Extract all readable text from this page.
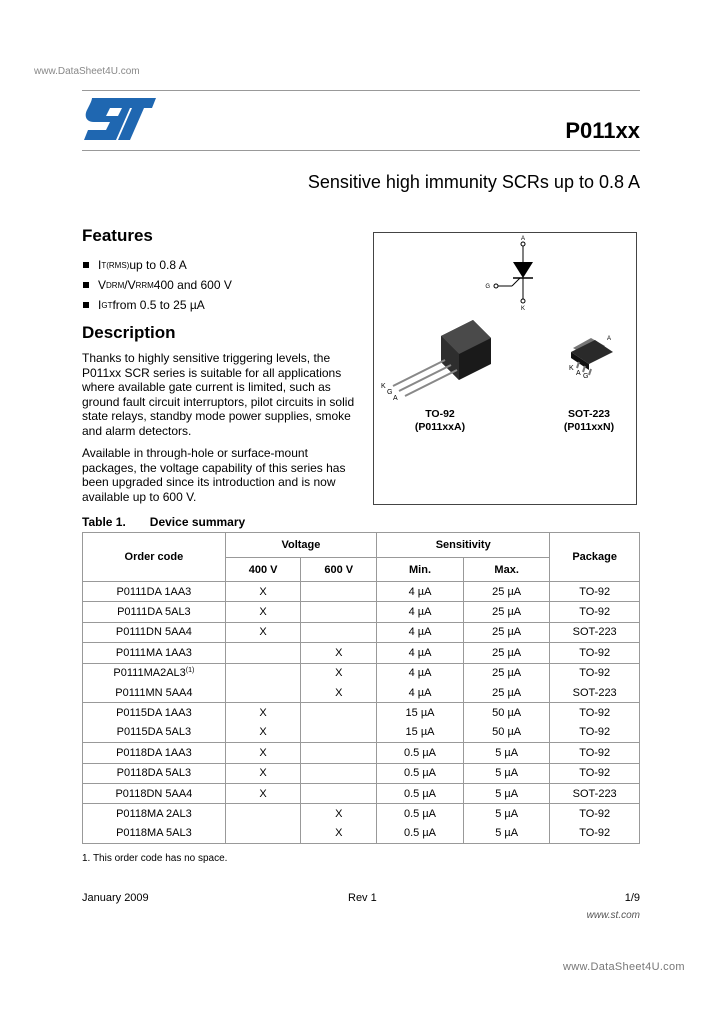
www.DataSheet4U.com
P011xx
Sensitive high immunity SCRs up to 0.8 A
Features
I T(RMS) up to 0.8 A
V DRM /V RRM 400 and 600 V
I GT from 0.5 to 25 µA
Description

Thanks to highly sensitive triggering levels, the P011xx SCR series is suitable for all applications where available gate current is limited, such as ground fault circuit interruptors, pilot circuits in solid state relays, standby mode power supplies, smoke and alarm detectors.

Available in through-hole or surface-mount packages, the voltage capability of this series has been upgraded since its introduction and is now available up to 600 V.

A
G
K
K
G
A
A
K
A G
TO-92
(P011xxA)
SOT-223
(P011xxN)
Table 1. Device summary
Order code	Voltage		Sensitivity		Package
	400 V	600 V	Min.	Max.	
P0111DA 1AA3	X		4 µA	25 µA	TO-92
P0111DA 5AL3	X		4 µA	25 µA	TO-92
P0111DN 5AA4	X		4 µA	25 µA	SOT-223
P0111MA 1AA3		X	4 µA	25 µA	TO-92
P0111MA2AL3$^{(1)}$		X	4 µA	25 µA	TO-92
P0111MN 5AA4		X	4 µA	25 µA	SOT-223
P0115DA 1AA3	X		15 µA	50 µA	TO-92
P0115DA 5AL3	X		15 µA	50 µA	TO-92
P0118DA 1AA3	X		0.5 µA	5 µA	TO-92
P0118DA 5AL3	X		0.5 µA	5 µA	TO-92
P0118DN 5AA4	X		0.5 µA	5 µA	SOT-223
P0118MA 2AL3		X	0.5 µA	5 µA	TO-92
P0118MA 5AL3		X	0.5 µA	5 µA	TO-92
1. This order code has no space.
January 2009	Rev 1	1/9
www.st.com
www.DataSheet4U.com
